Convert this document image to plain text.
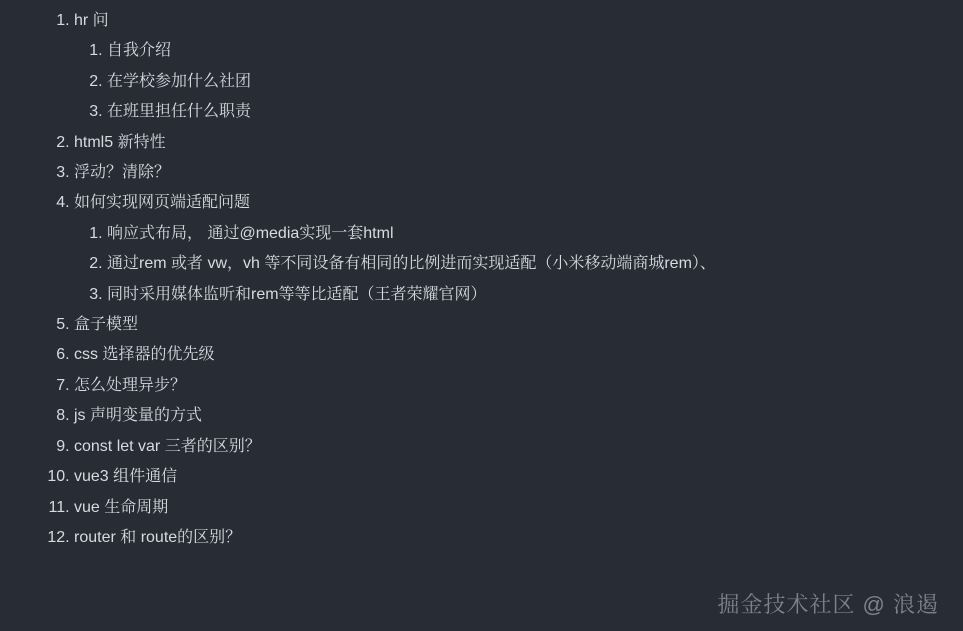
1. hr 问
1. 自我介绍
2. 在学校参加什么社团
3. 在班里担任什么职责
2. html5 新特性
3. 浮动？清除？
4. 如何实现网页端适配问题
1. 响应式布局， 通过@media实现一套html
2. 通过rem 或者 vw，vh 等不同设备有相同的比例进而实现适配（小米移动端商城rem）、
3. 同时采用媒体监听和rem等等比适配（王者荣耀官网）
5. 盒子模型
6. css 选择器的优先级
7. 怎么处理异步？
8. js 声明变量的方式
9. const let var 三者的区别？
10. vue3 组件通信
11. vue 生命周期
12. router 和 route的区别？
掘金技术社区 @ 浪遏
